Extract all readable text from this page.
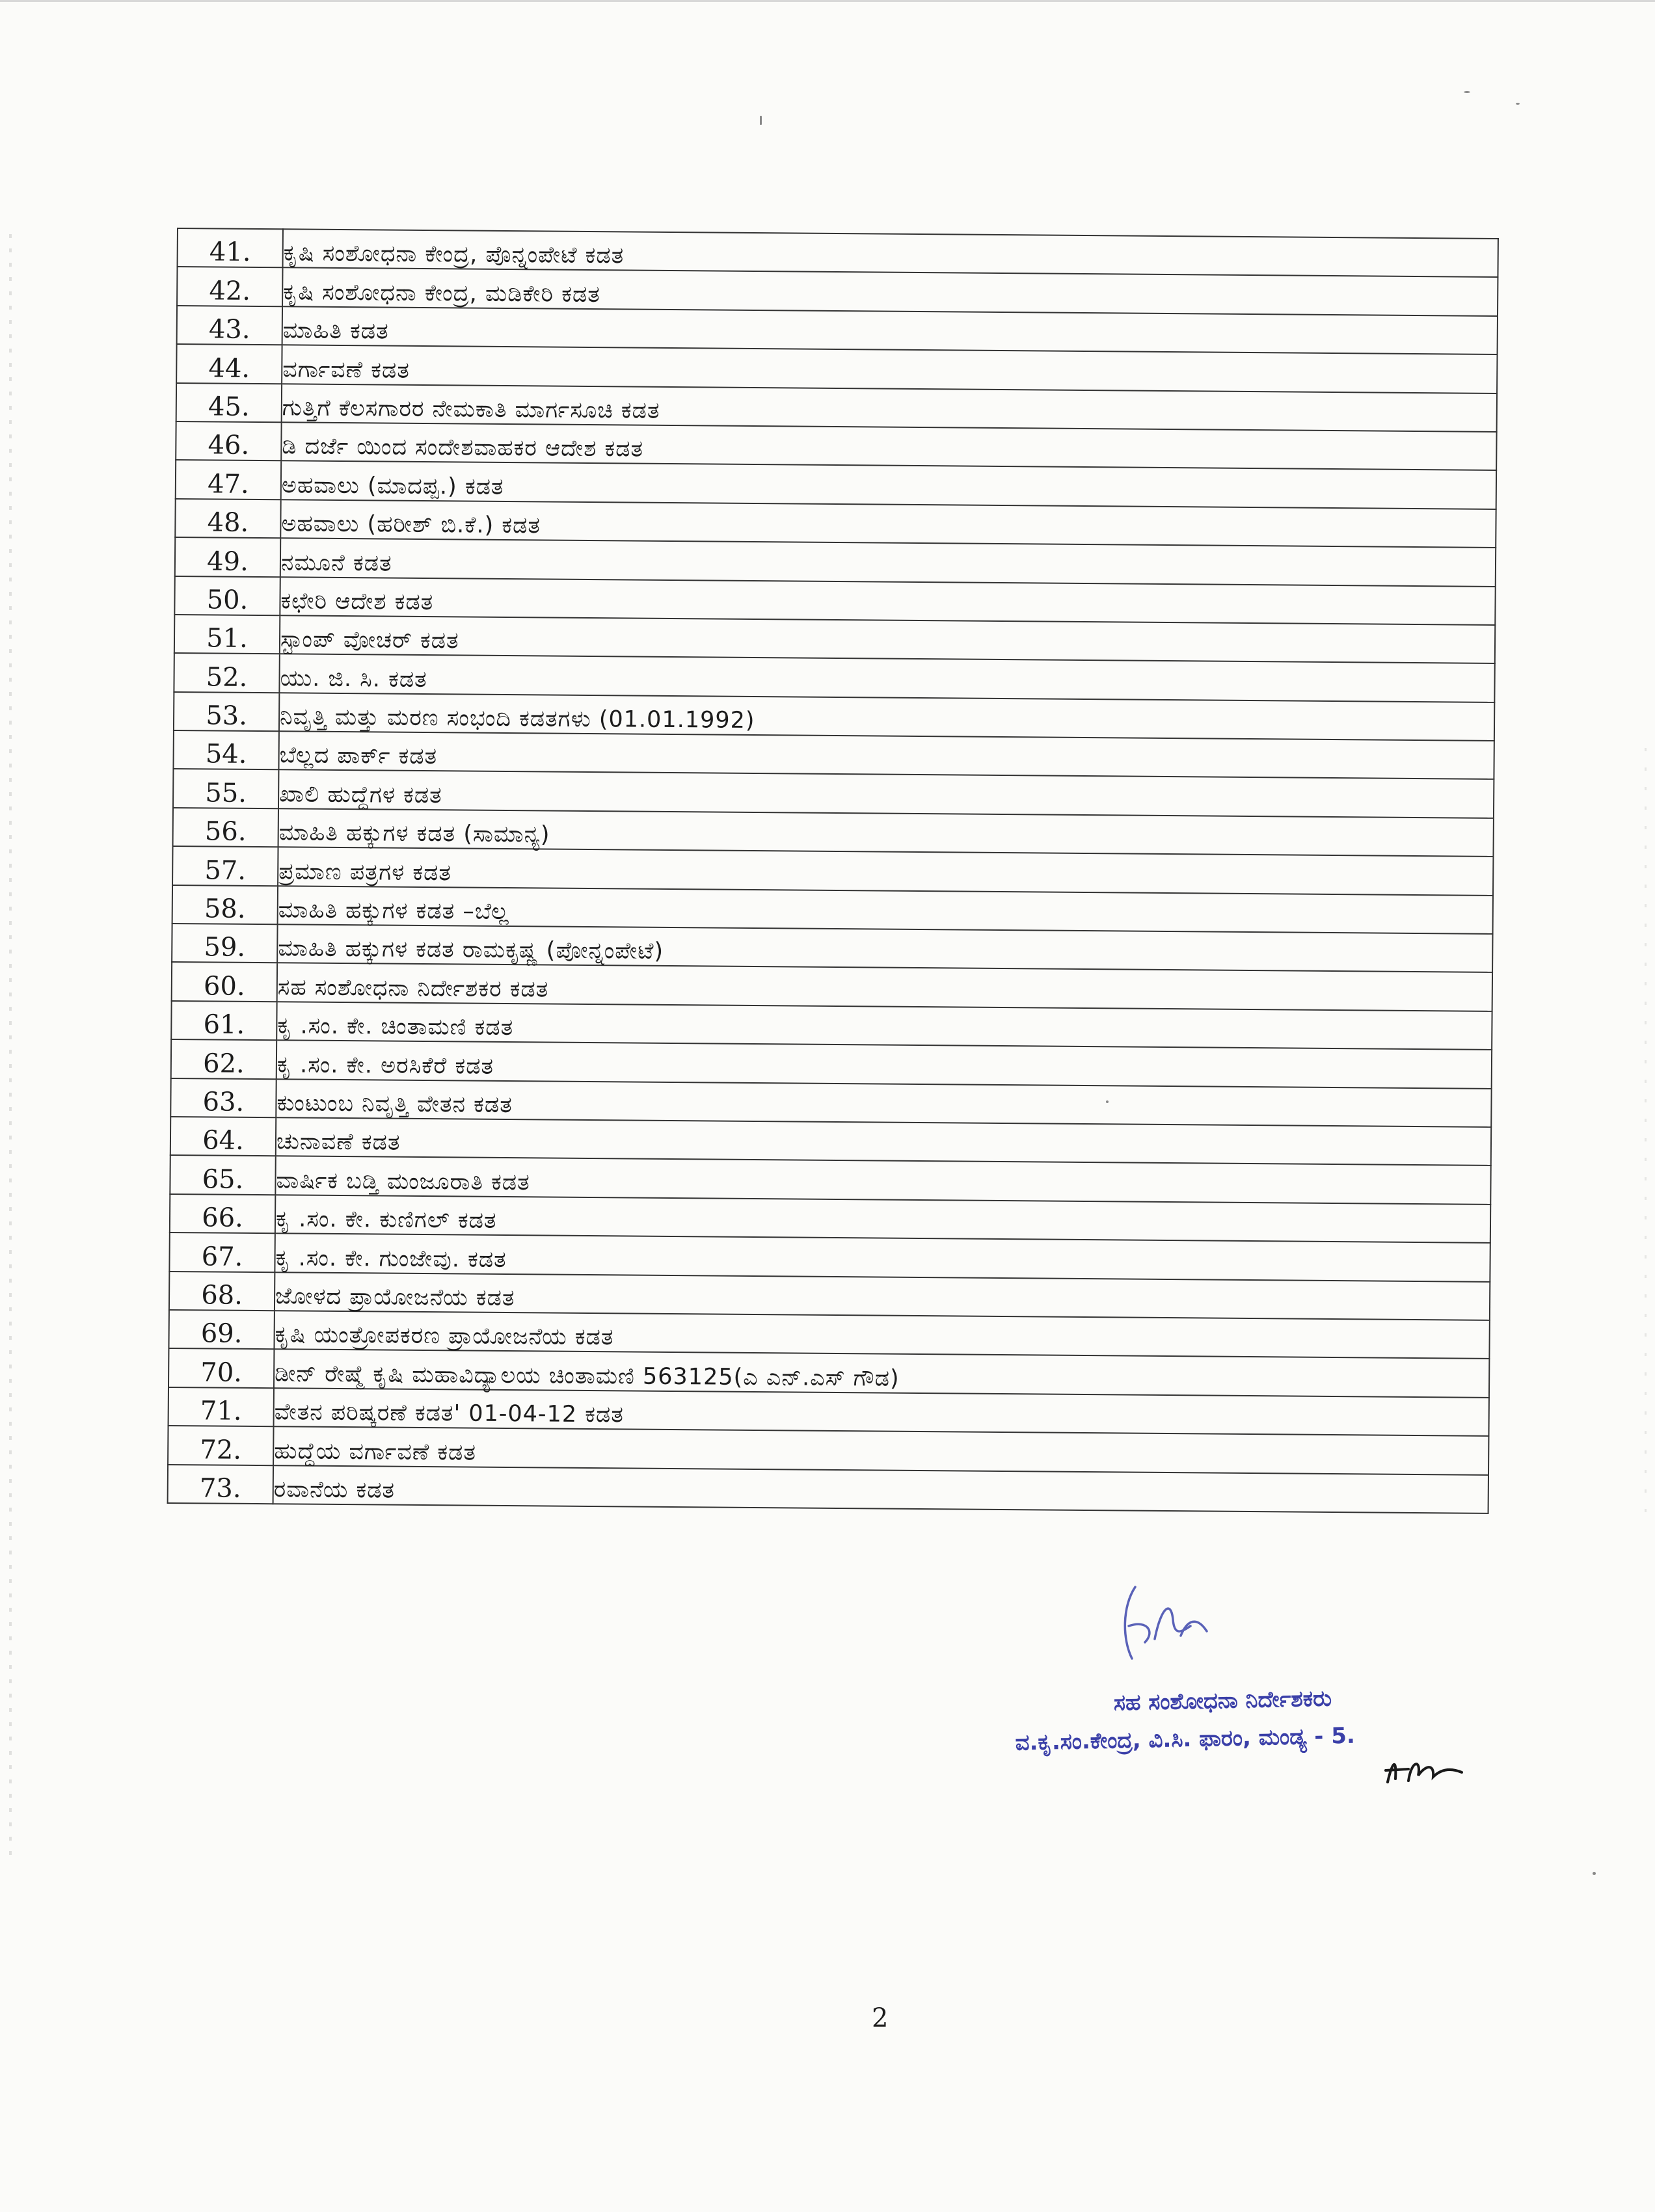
41.	ಕೃಷಿ ಸಂಶೋಧನಾ ಕೇಂದ್ರ, ಪೊನ್ನಂಪೇಟೆ ಕಡತ
42.	ಕೃಷಿ ಸಂಶೋಧನಾ ಕೇಂದ್ರ, ಮಡಿಕೇರಿ ಕಡತ
43.	ಮಾಹಿತಿ ಕಡತ
44.	ವರ್ಗಾವಣೆ ಕಡತ
45.	ಗುತ್ತಿಗೆ ಕೆಲಸಗಾರರ ನೇಮಕಾತಿ ಮಾರ್ಗಸೂಚಿ ಕಡತ
46.	ಡಿ ದರ್ಜೆ ಯಿಂದ ಸಂದೇಶವಾಹಕರ ಆದೇಶ ಕಡತ
47.	ಅಹವಾಲು (ಮಾದಪ್ಪ.) ಕಡತ
48.	ಅಹವಾಲು (ಹರೀಶ್ ಬಿ.ಕೆ.) ಕಡತ
49.	ನಮೂನೆ ಕಡತ
50.	ಕಛೇರಿ ಆದೇಶ ಕಡತ
51.	ಸ್ಟಾಂಪ್ ವೋಚರ್ ಕಡತ
52.	ಯು. ಜಿ. ಸಿ. ಕಡತ
53.	ನಿವೃತ್ತಿ ಮತ್ತು ಮರಣ ಸಂಭಂದಿ ಕಡತಗಳು (01.01.1992)
54.	ಬೆಲ್ಲದ ಪಾರ್ಕ್ ಕಡತ
55.	ಖಾಲಿ ಹುದ್ದೆಗಳ ಕಡತ
56.	ಮಾಹಿತಿ ಹಕ್ಕುಗಳ ಕಡತ (ಸಾಮಾನ್ಯ)
57.	ಪ್ರಮಾಣ ಪತ್ರಗಳ ಕಡತ
58.	ಮಾಹಿತಿ ಹಕ್ಕುಗಳ ಕಡತ –ಬೆಲ್ಲ
59.	ಮಾಹಿತಿ ಹಕ್ಕುಗಳ ಕಡತ ರಾಮಕೃಷ್ಣ (ಪೋನ್ನಂಪೇಟೆ)
60.	ಸಹ ಸಂಶೋಧನಾ ನಿರ್ದೇಶಕರ ಕಡತ
61.	ಕೃ .ಸಂ. ಕೇ. ಚಿಂತಾಮಣಿ ಕಡತ
62.	ಕೃ .ಸಂ. ಕೇ. ಅರಸಿಕೆರೆ ಕಡತ
63.	ಕುಂಟುಂಬ ನಿವೃತ್ತಿ ವೇತನ ಕಡತ
64.	ಚುನಾವಣೆ ಕಡತ
65.	ವಾರ್ಷಿಕ ಬಡ್ತಿ ಮಂಜೂರಾತಿ ಕಡತ
66.	ಕೃ .ಸಂ. ಕೇ. ಕುಣಿಗಲ್ ಕಡತ
67.	ಕೃ .ಸಂ. ಕೇ. ಗುಂಜೇವು. ಕಡತ
68.	ಜೋಳದ ಪ್ರಾಯೋಜನೆಯ ಕಡತ
69.	ಕೃಷಿ ಯಂತ್ರೋಪಕರಣ ಪ್ರಾಯೋಜನೆಯ ಕಡತ
70.	ಡೀನ್ ರೇಷ್ಮೆ ಕೃಷಿ ಮಹಾವಿದ್ಯಾಲಯ ಚಿಂತಾಮಣಿ 563125(ಎ ಎನ್.ಎಸ್ ಗೌಡ)
71.	ವೇತನ ಪರಿಷ್ಕರಣೆ ಕಡತ' 01-04-12 ಕಡತ
72.	ಹುದ್ದೆಯ ವರ್ಗಾವಣೆ ಕಡತ
73.	ರವಾನೆಯ ಕಡತ
ಸಹ ಸಂಶೋಧನಾ ನಿರ್ದೇಶಕರು
ವ.ಕೃ.ಸಂ.ಕೇಂದ್ರ, ವಿ.ಸಿ. ಫಾರಂ, ಮಂಡ್ಯ - 5.
2
